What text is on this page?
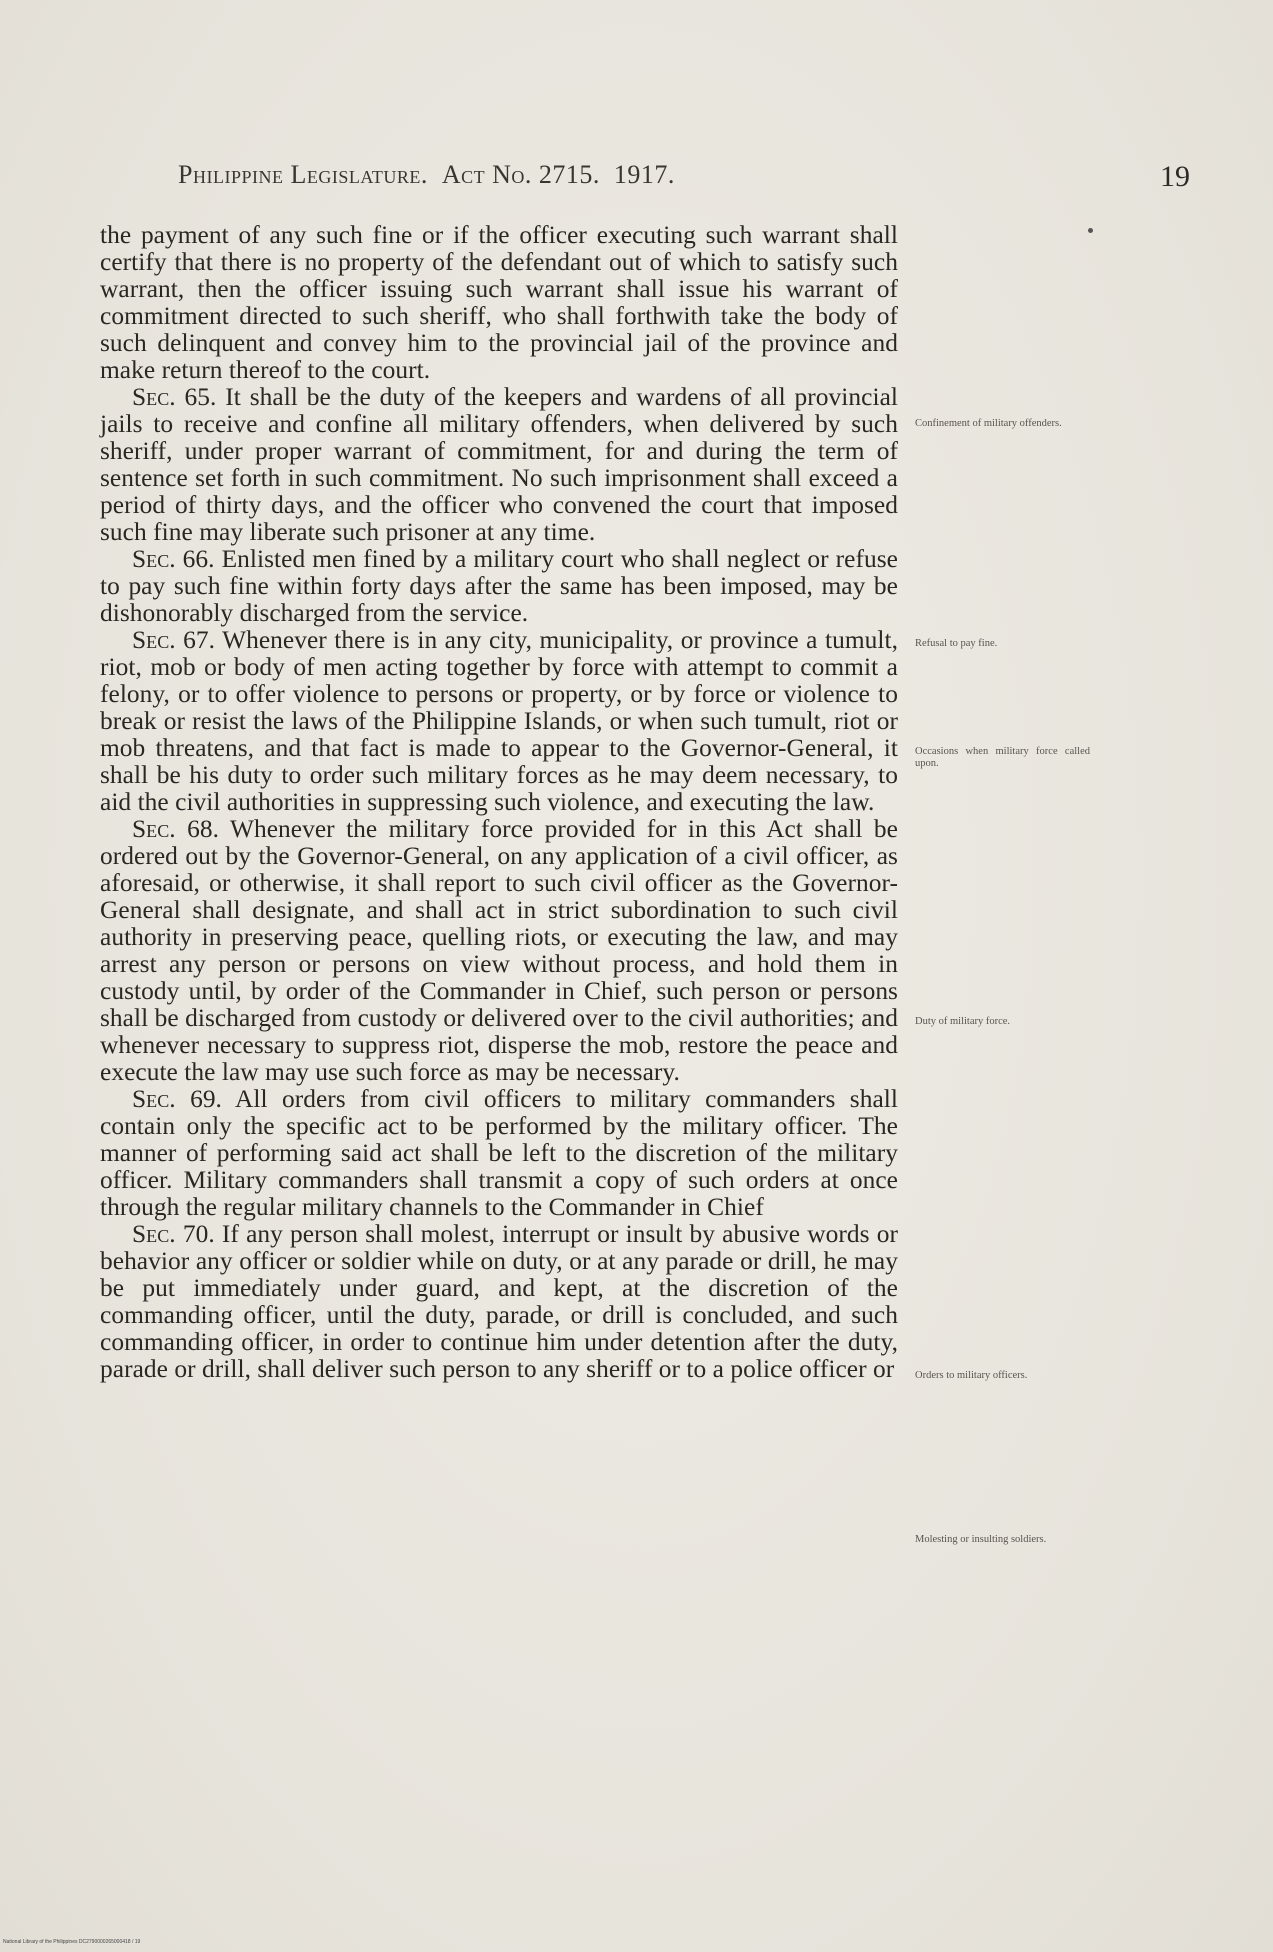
Philippine Legislature. Act No. 2715. 1917.	19

the payment of any such fine or if the officer executing such warrant shall certify that there is no property of the defendant out of which to satisfy such warrant, then the officer issuing such warrant shall issue his warrant of commitment directed to such sheriff, who shall forthwith take the body of such delinquent and convey him to the provincial jail of the province and make return thereof to the court.

Sec. 65. It shall be the duty of the keepers and wardens of all provincial jails to receive and confine all military offenders, when delivered by such sheriff, under proper warrant of commitment, for and during the term of sentence set forth in such commitment. No such imprisonment shall exceed a period of thirty days, and the officer who convened the court that imposed such fine may liberate such prisoner at any time.

Sec. 66. Enlisted men fined by a military court who shall neglect or refuse to pay such fine within forty days after the same has been imposed, may be dishonorably discharged from the service.

Sec. 67. Whenever there is in any city, municipality, or province a tumult, riot, mob or body of men acting together by force with attempt to commit a felony, or to offer violence to persons or property, or by force or violence to break or resist the laws of the Philippine Islands, or when such tumult, riot or mob threatens, and that fact is made to appear to the Governor-General, it shall be his duty to order such military forces as he may deem necessary, to aid the civil authorities in suppressing such violence, and executing the law.

Sec. 68. Whenever the military force provided for in this Act shall be ordered out by the Governor-General, on any application of a civil officer, as aforesaid, or otherwise, it shall report to such civil officer as the Governor-General shall designate, and shall act in strict subordination to such civil authority in preserving peace, quelling riots, or executing the law, and may arrest any person or persons on view without process, and hold them in custody until, by order of the Commander in Chief, such person or persons shall be discharged from custody or delivered over to the civil authorities; and whenever necessary to suppress riot, disperse the mob, restore the peace and execute the law may use such force as may be necessary.

Sec. 69. All orders from civil officers to military commanders shall contain only the specific act to be performed by the military officer. The manner of performing said act shall be left to the discretion of the military officer. Military commanders shall transmit a copy of such orders at once through the regular military channels to the Commander in Chief

Sec. 70. If any person shall molest, interrupt or insult by abusive words or behavior any officer or soldier while on duty, or at any parade or drill, he may be put immediately under guard, and kept, at the discretion of the commanding officer, until the duty, parade, or drill is concluded, and such commanding officer, in order to continue him under detention after the duty, parade or drill, shall deliver such person to any sheriff or to a police officer or

Confinement of military offenders.
Refusal to pay fine.
Occasions when military force called upon.
Duty of military force.
Orders to military officers.
Molesting or insulting soldiers.
National Library of the Philippines DC2790000265000418 / 19
